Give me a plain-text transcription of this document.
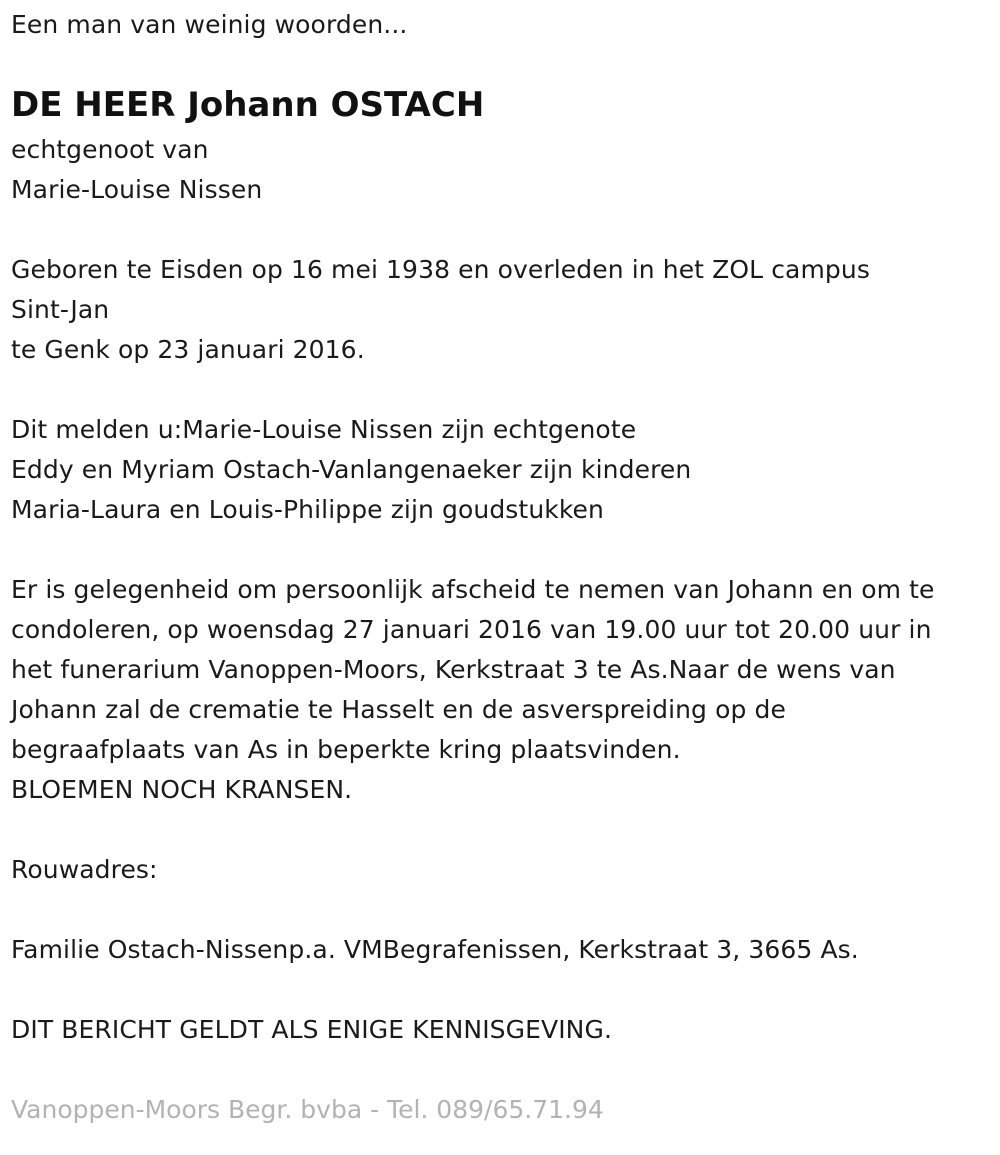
Een man van weinig woorden...
DE HEER Johann OSTACH
echtgenoot van
Marie-Louise Nissen
Geboren te Eisden op 16 mei 1938 en overleden in het ZOL campus
Sint-Jan
te Genk op 23 januari 2016.
Dit melden u:Marie-Louise Nissen zijn echtgenote
Eddy en Myriam Ostach-Vanlangenaeker zijn kinderen
Maria-Laura en Louis-Philippe zijn goudstukken
Er is gelegenheid om persoonlijk afscheid te nemen van Johann en om te
condoleren, op woensdag 27 januari 2016 van 19.00 uur tot 20.00 uur in
het funerarium Vanoppen-Moors, Kerkstraat 3 te As.Naar de wens van
Johann zal de crematie te Hasselt en de asverspreiding op de
begraafplaats van As in beperkte kring plaatsvinden.
BLOEMEN NOCH KRANSEN.
Rouwadres:
Familie Ostach-Nissenp.a. VMBegrafenissen, Kerkstraat 3, 3665 As.
DIT BERICHT GELDT ALS ENIGE KENNISGEVING.
Vanoppen-Moors Begr. bvba - Tel. 089/65.71.94
